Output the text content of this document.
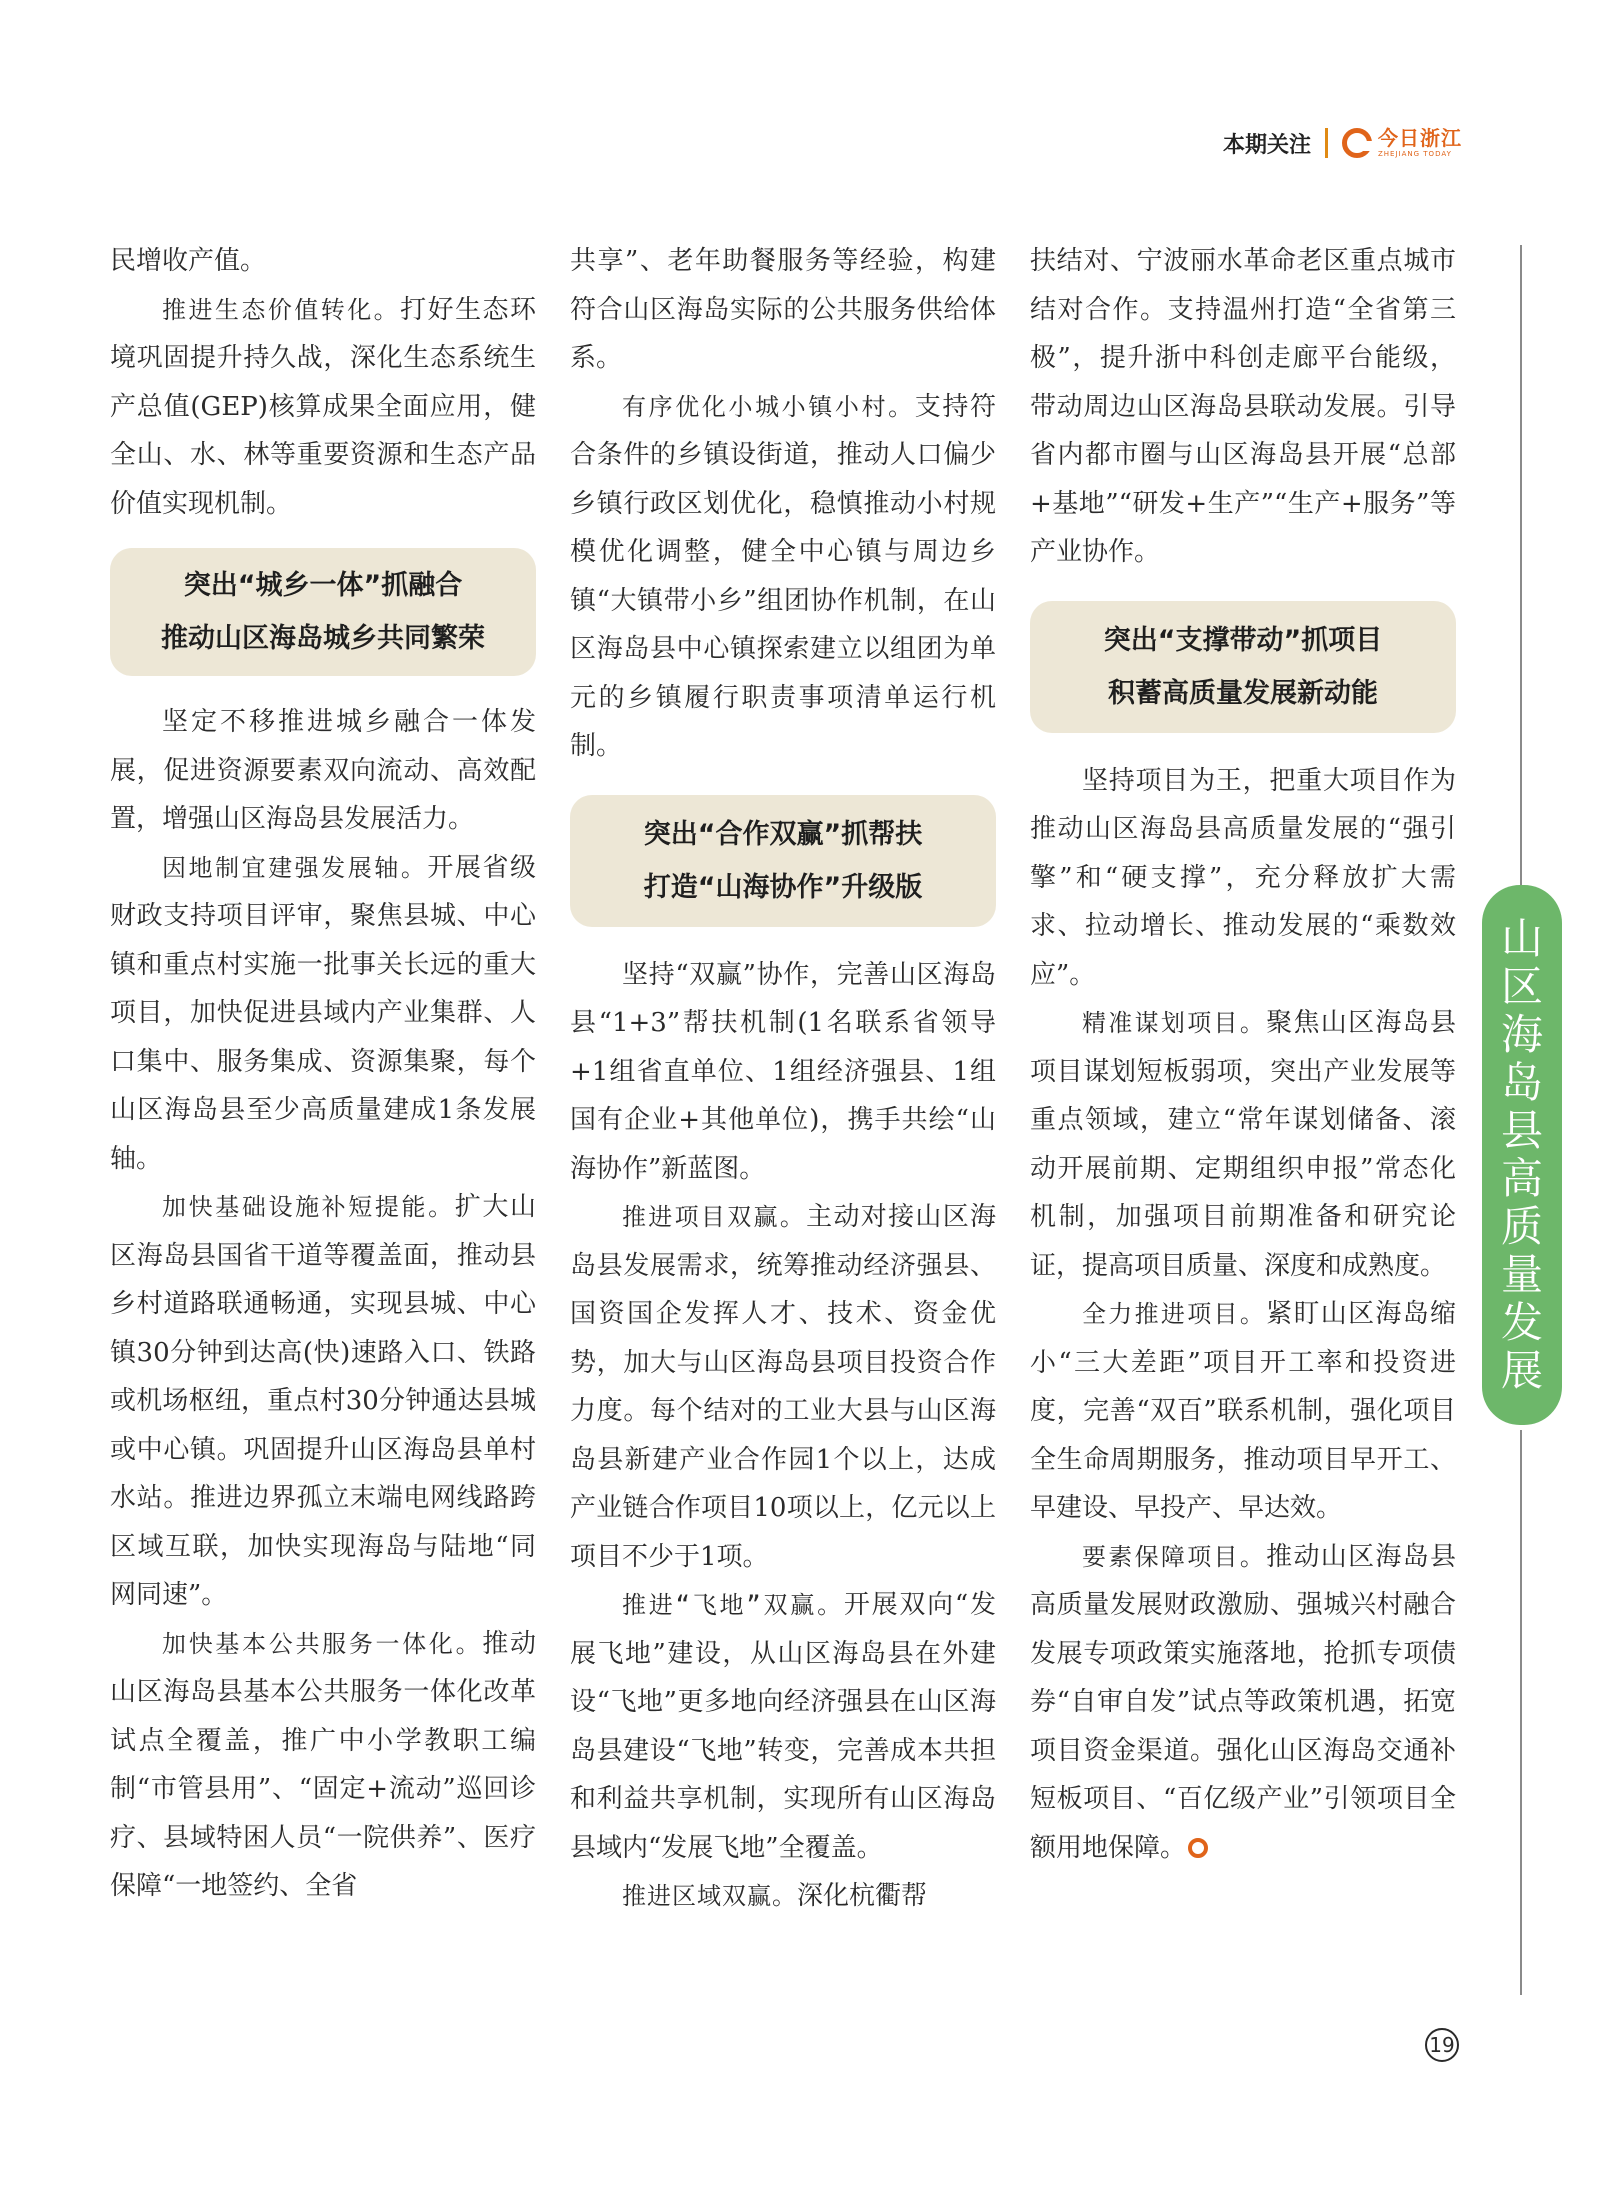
本期关注	今日浙江
ZHEJIANG TODAY

民增收产值。

推进生态价值转化。打好生态环境巩固提升持久战，深化生态系统生产总值(GEP)核算成果全面应用，健全山、水、林等重要资源和生态产品价值实现机制。

突出“城乡一体”抓融合
推动山区海岛城乡共同繁荣

坚定不移推进城乡融合一体发展，促进资源要素双向流动、高效配置，增强山区海岛县发展活力。

因地制宜建强发展轴。开展省级财政支持项目评审，聚焦县城、中心镇和重点村实施一批事关长远的重大项目，加快促进县域内产业集群、人口集中、服务集成、资源集聚，每个山区海岛县至少高质量建成1条发展轴。

加快基础设施补短提能。扩大山区海岛县国省干道等覆盖面，推动县乡村道路联通畅通，实现县城、中心镇30分钟到达高(快)速路入口、铁路或机场枢纽，重点村30分钟通达县城或中心镇。巩固提升山区海岛县单村水站。推进边界孤立末端电网线路跨区域互联，加快实现海岛与陆地“同网同速”。

加快基本公共服务一体化。推动山区海岛县基本公共服务一体化改革试点全覆盖，推广中小学教职工编制“市管县用”、“固定+流动”巡回诊疗、县域特困人员“一院供养”、医疗保障“一地签约、全省

共享”、老年助餐服务等经验，构建符合山区海岛实际的公共服务供给体系。

有序优化小城小镇小村。支持符合条件的乡镇设街道，推动人口偏少乡镇行政区划优化，稳慎推动小村规模优化调整，健全中心镇与周边乡镇“大镇带小乡”组团协作机制，在山区海岛县中心镇探索建立以组团为单元的乡镇履行职责事项清单运行机制。

突出“合作双赢”抓帮扶
打造“山海协作”升级版

坚持“双赢”协作，完善山区海岛县“1+3”帮扶机制(1名联系省领导+1组省直单位、1组经济强县、1组国有企业+其他单位)，携手共绘“山海协作”新蓝图。

推进项目双赢。主动对接山区海岛县发展需求，统筹推动经济强县、国资国企发挥人才、技术、资金优势，加大与山区海岛县项目投资合作力度。每个结对的工业大县与山区海岛县新建产业合作园1个以上，达成产业链合作项目10项以上，亿元以上项目不少于1项。

推进“飞地”双赢。开展双向“发展飞地”建设，从山区海岛县在外建设“飞地”更多地向经济强县在山区海岛县建设“飞地”转变，完善成本共担和利益共享机制，实现所有山区海岛县域内“发展飞地”全覆盖。

推进区域双赢。深化杭衢帮

扶结对、宁波丽水革命老区重点城市结对合作。支持温州打造“全省第三极”，提升浙中科创走廊平台能级，带动周边山区海岛县联动发展。引导省内都市圈与山区海岛县开展“总部+基地”“研发+生产”“生产+服务”等产业协作。

突出“支撑带动”抓项目
积蓄高质量发展新动能

坚持项目为王，把重大项目作为推动山区海岛县高质量发展的“强引擎”和“硬支撑”，充分释放扩大需求、拉动增长、推动发展的“乘数效应”。

精准谋划项目。聚焦山区海岛县项目谋划短板弱项，突出产业发展等重点领域，建立“常年谋划储备、滚动开展前期、定期组织申报”常态化机制，加强项目前期准备和研究论证，提高项目质量、深度和成熟度。

全力推进项目。紧盯山区海岛缩小“三大差距”项目开工率和投资进度，完善“双百”联系机制，强化项目全生命周期服务，推动项目早开工、早建设、早投产、早达效。

要素保障项目。推动山区海岛县高质量发展财政激励、强城兴村融合发展专项政策实施落地，抢抓专项债券“自审自发”试点等政策机遇，拓宽项目资金渠道。强化山区海岛交通补短板项目、“百亿级产业”引领项目全额用地保障。

山
区
海
岛
县
高
质
量
发
展
19
